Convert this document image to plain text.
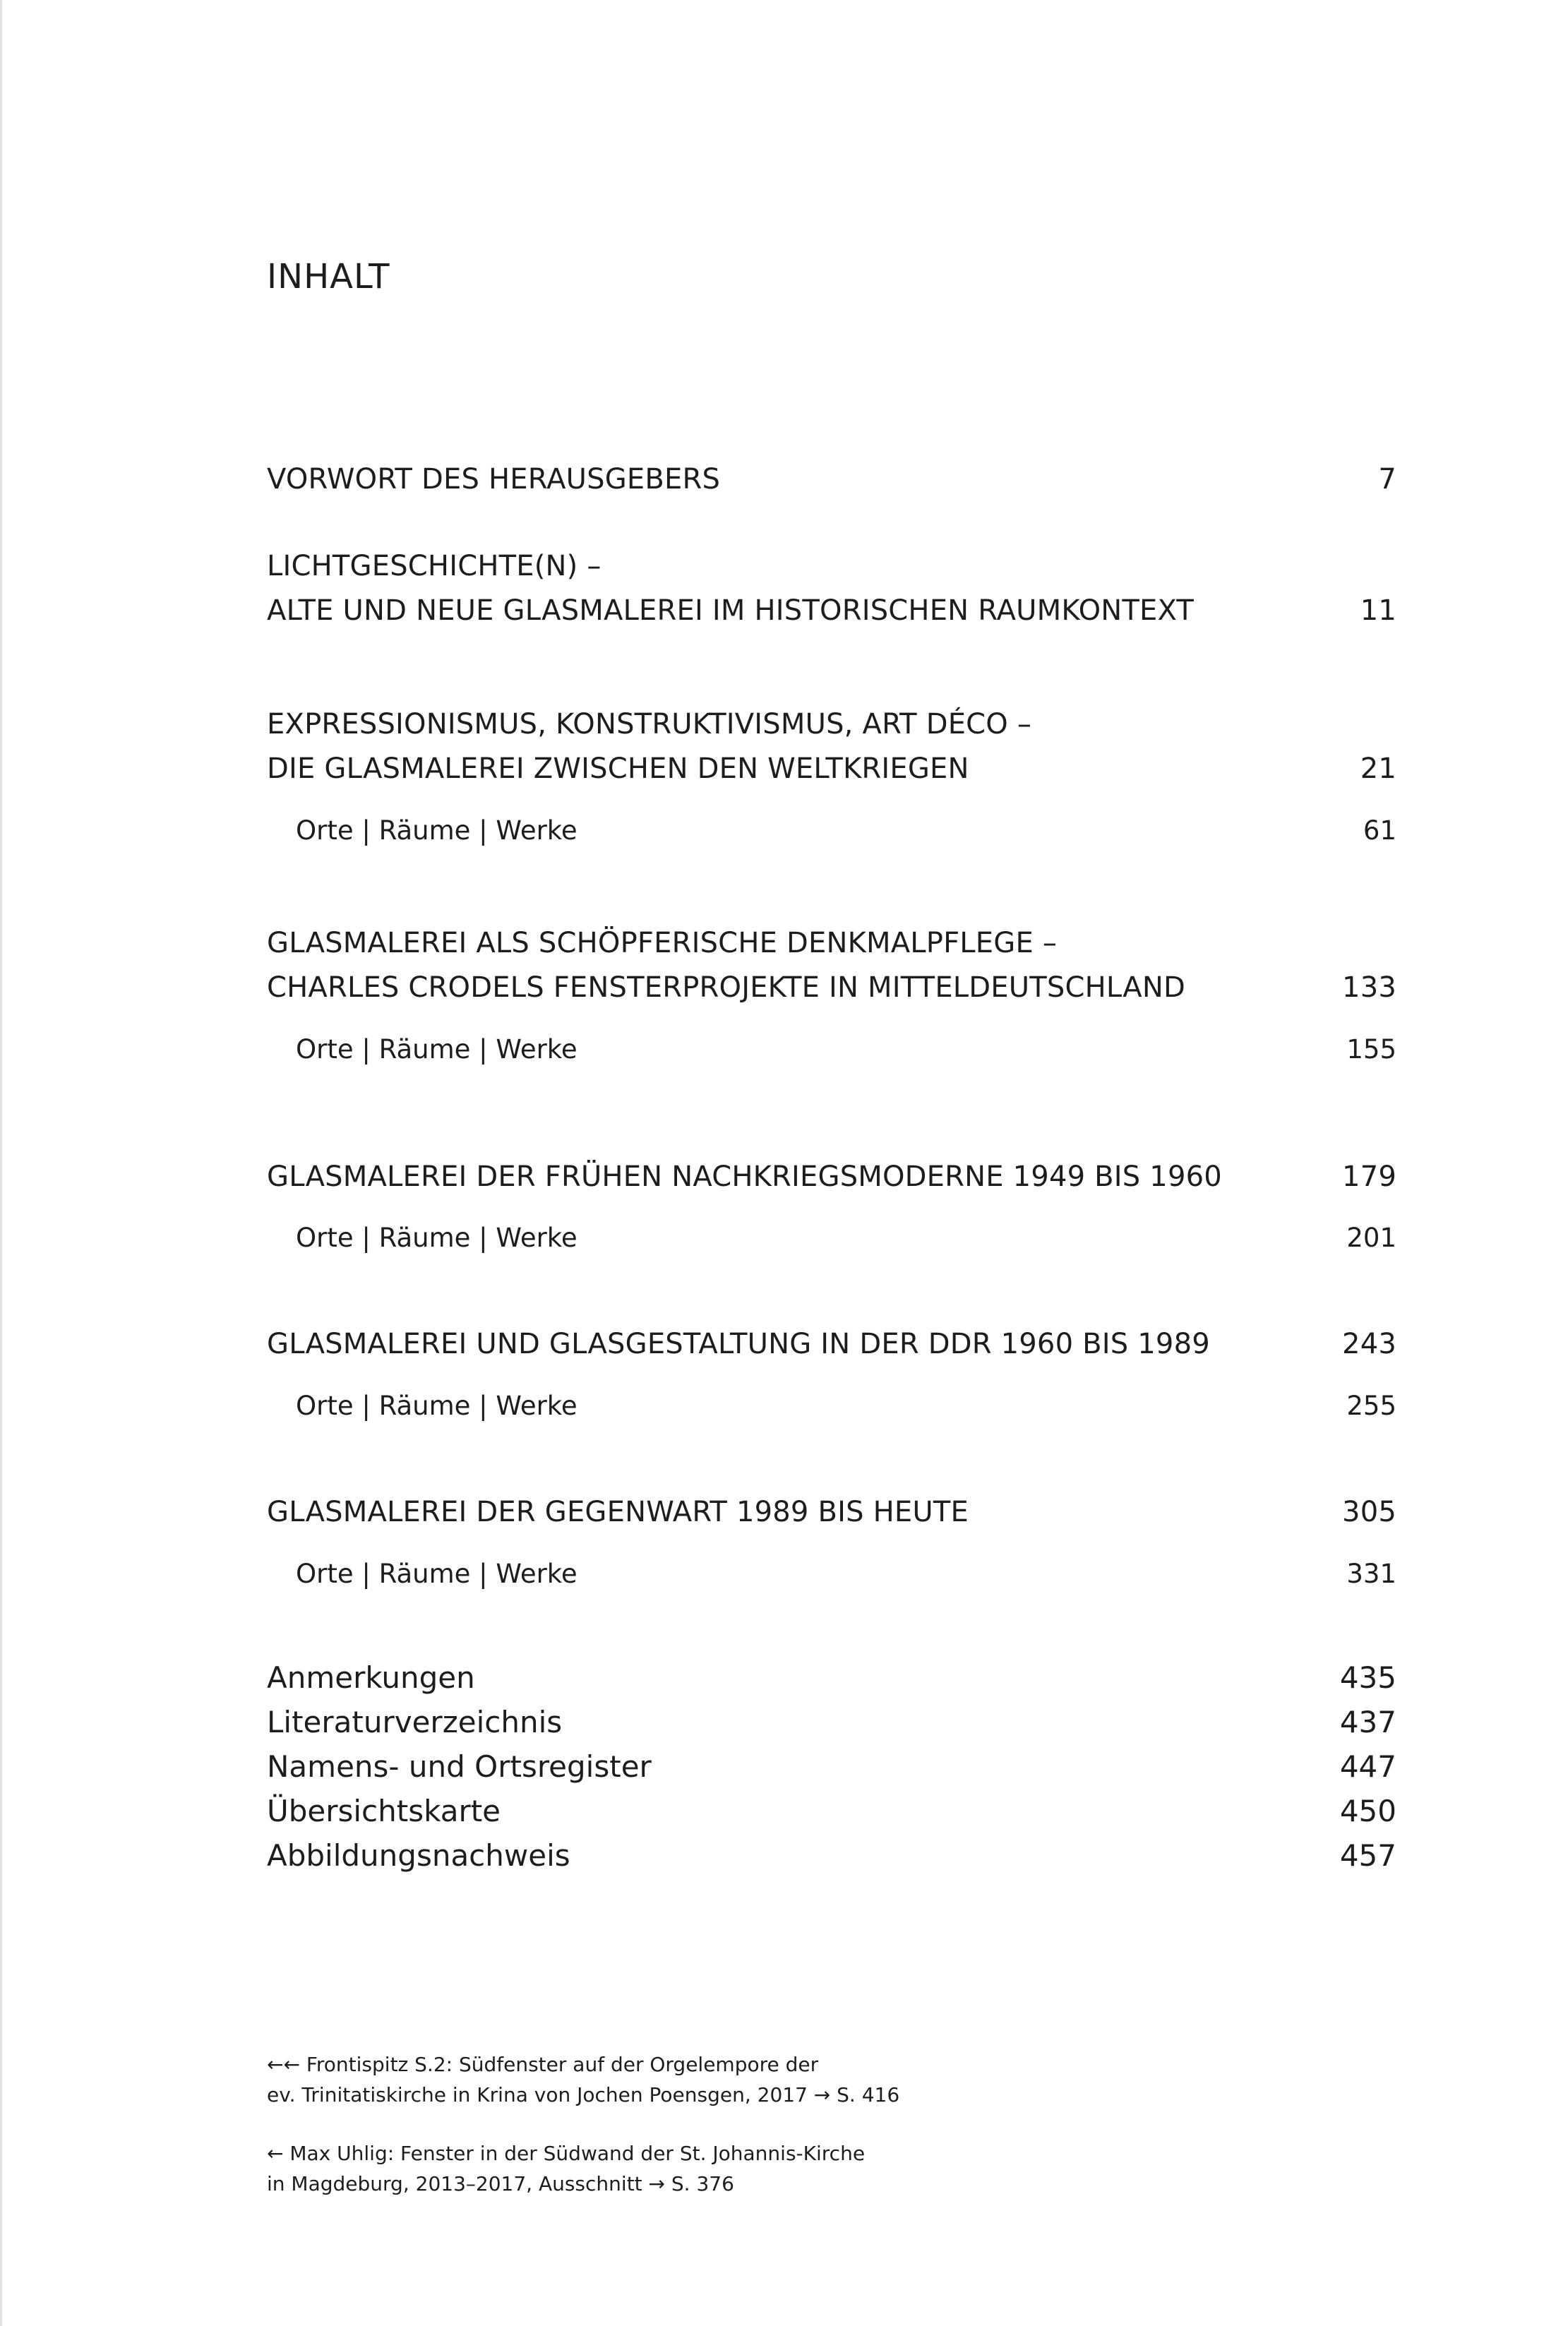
INHALT
VORWORT DES HERAUSGEBERS	7
LICHTGESCHICHTE(N) –
ALTE UND NEUE GLASMALEREI IM HISTORISCHEN RAUMKONTEXT	11
EXPRESSIONISMUS, KONSTRUKTIVISMUS, ART DÉCO –
DIE GLASMALEREI ZWISCHEN DEN WELTKRIEGEN	21
Orte | Räume | Werke	61
GLASMALEREI ALS SCHÖPFERISCHE DENKMALPFLEGE –
CHARLES CRODELS FENSTERPROJEKTE IN MITTELDEUTSCHLAND	133
Orte | Räume | Werke	155
GLASMALEREI DER FRÜHEN NACHKRIEGSMODERNE 1949 BIS 1960	179
Orte | Räume | Werke	201
GLASMALEREI UND GLASGESTALTUNG IN DER DDR 1960 BIS 1989	243
Orte | Räume | Werke	255
GLASMALEREI DER GEGENWART 1989 BIS HEUTE	305
Orte | Räume | Werke	331
Anmerkungen	435
Literaturverzeichnis	437
Namens- und Ortsregister	447
Übersichtskarte	450
Abbildungsnachweis	457
←← Frontispitz S.2: Südfenster auf der Orgelempore der
ev. Trinitatiskirche in Krina von Jochen Poensgen, 2017 → S. 416
← Max Uhlig: Fenster in der Südwand der St. Johannis-Kirche
in Magdeburg, 2013–2017, Ausschnitt → S. 376
